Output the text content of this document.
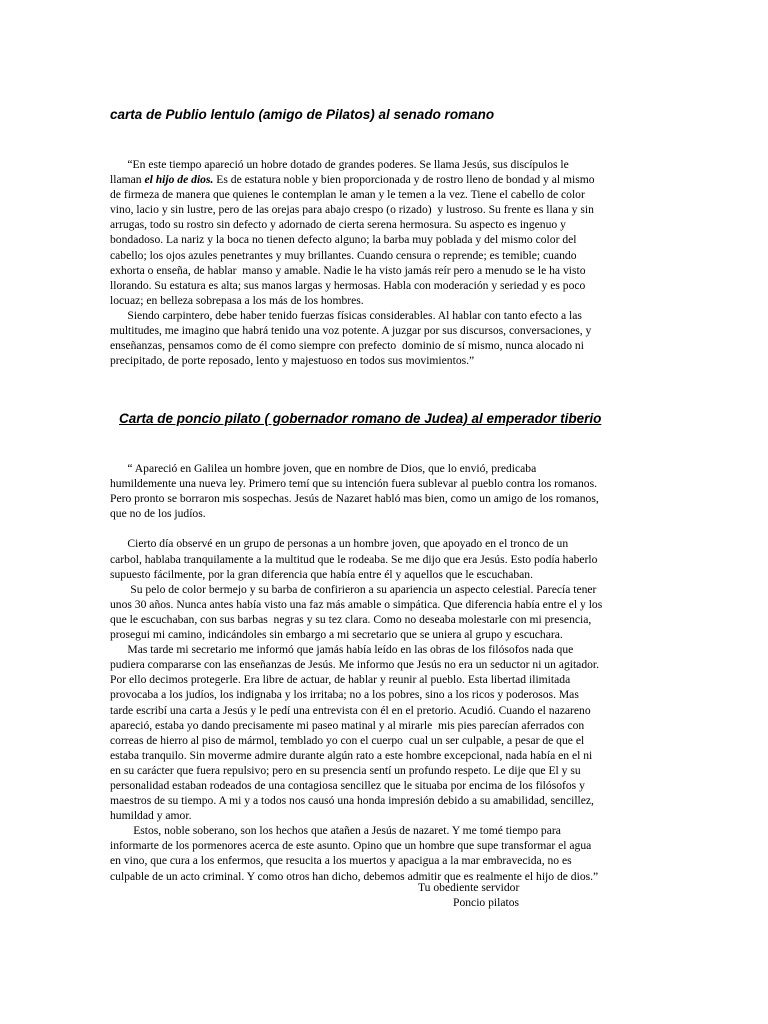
carta de Publio lentulo (amigo de Pilatos) al senado romano
“En este tiempo apareció un hobre dotado de grandes poderes. Se llama Jesús, sus discípulos le
llaman el hijo de dios. Es de estatura noble y bien proporcionada y de rostro lleno de bondad y al mismo
de firmeza de manera que quienes le contemplan le aman y le temen a la vez. Tiene el cabello de color
vino, lacio y sin lustre, pero de las orejas para abajo crespo (o rizado)  y lustroso. Su frente es llana y sin
arrugas, todo su rostro sin defecto y adornado de cierta serena hermosura. Su aspecto es ingenuo y
bondadoso. La nariz y la boca no tienen defecto alguno; la barba muy poblada y del mismo color del
cabello; los ojos azules penetrantes y muy brillantes. Cuando censura o reprende; es temible; cuando
exhorta o enseña, de hablar  manso y amable. Nadie le ha visto jamás reír pero a menudo se le ha visto
llorando. Su estatura es alta; sus manos largas y hermosas. Habla con moderación y seriedad y es poco
locuaz; en belleza sobrepasa a los más de los hombres.
Siendo carpintero, debe haber tenido fuerzas físicas considerables. Al hablar con tanto efecto a las
multitudes, me imagino que habrá tenido una voz potente. A juzgar por sus discursos, conversaciones, y
enseñanzas, pensamos como de él como siempre con prefecto  dominio de sí mismo, nunca alocado ni
precipitado, de porte reposado, lento y majestuoso en todos sus movimientos.”
Carta de poncio pilato ( gobernador romano de Judea) al emperador tiberio
“ Apareció en Galilea un hombre joven, que en nombre de Dios, que lo envió, predicaba
humildemente una nueva ley. Primero temí que su intención fuera sublevar al pueblo contra los romanos.
Pero pronto se borraron mis sospechas. Jesús de Nazaret habló mas bien, como un amigo de los romanos,
que no de los judíos.
Cierto día observé en un grupo de personas a un hombre joven, que apoyado en el tronco de un
carbol, hablaba tranquilamente a la multitud que le rodeaba. Se me dijo que era Jesús. Esto podía haberlo
supuesto fácilmente, por la gran diferencia que había entre él y aquellos que le escuchaban.
Su pelo de color bermejo y su barba de confirieron a su apariencia un aspecto celestial. Parecía tener
unos 30 años. Nunca antes había visto una faz más amable o simpática. Que diferencia había entre el y los
que le escuchaban, con sus barbas  negras y su tez clara. Como no deseaba molestarle con mi presencia,
prosegui mi camino, indicándoles sin embargo a mi secretario que se uniera al grupo y escuchara.
Mas tarde mi secretario me informó que jamás había leído en las obras de los filósofos nada que
pudiera compararse con las enseñanzas de Jesús. Me informo que Jesús no era un seductor ni un agitador.
Por ello decimos protegerle. Era libre de actuar, de hablar y reunir al pueblo. Esta libertad ilimitada
provocaba a los judíos, los indignaba y los irritaba; no a los pobres, sino a los ricos y poderosos. Mas
tarde escribí una carta a Jesús y le pedí una entrevista con él en el pretorio. Acudió. Cuando el nazareno
apareció, estaba yo dando precisamente mi paseo matinal y al mirarle  mis pies parecían aferrados con
correas de hierro al piso de mármol, temblado yo con el cuerpo  cual un ser culpable, a pesar de que el
estaba tranquilo. Sin moverme admire durante algún rato a este hombre excepcional, nada había en el ni
en su carácter que fuera repulsivo; pero en su presencia sentí un profundo respeto. Le dije que El y su
personalidad estaban rodeados de una contagiosa sencillez que le situaba por encima de los filósofos y
maestros de su tiempo. A mi y a todos nos causó una honda impresión debido a su amabilidad, sencillez,
humildad y amor.
Estos, noble soberano, son los hechos que atañen a Jesús de nazaret. Y me tomé tiempo para
informarte de los pormenores acerca de este asunto. Opino que un hombre que supe transformar el agua
en vino, que cura a los enfermos, que resucita a los muertos y apacigua a la mar embravecida, no es
culpable de un acto criminal. Y como otros han dicho, debemos admitir que es realmente el hijo de dios.”
Tu obediente servidor
Poncio pilatos
